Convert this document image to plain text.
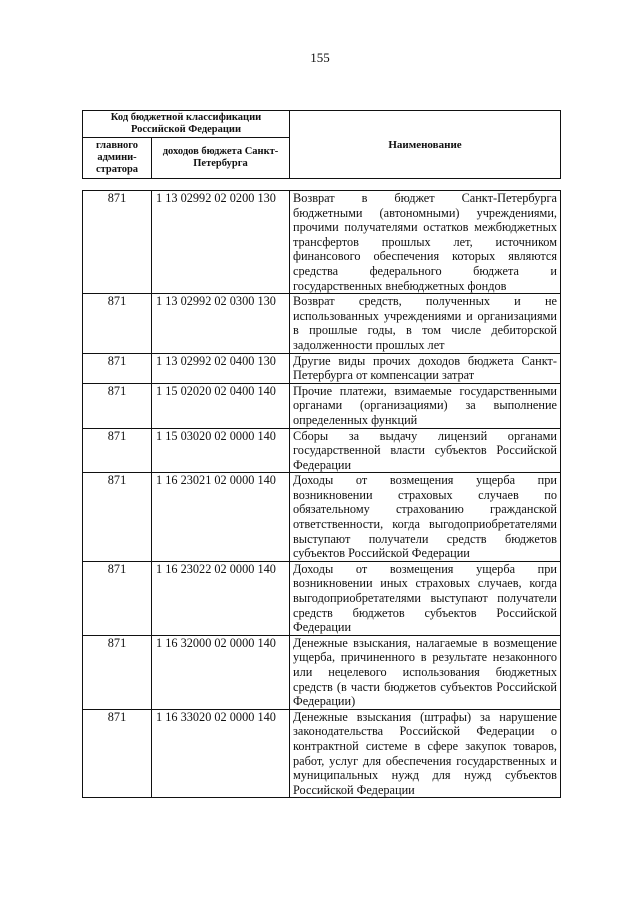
155
Код бюджетной классификации Российской Федерации		Наименование
главного админи-стратора	доходов бюджета Санкт-Петербурга	
871	1 13 02992 02 0200 130	Возврат в бюджет Санкт-Петербурга бюджетными (автономными) учреждениями, прочими получателями остатков межбюджетных трансфертов прошлых лет, источником финансового обеспечения которых являются средства федерального бюджета и государственных внебюджетных фондов
871	1 13 02992 02 0300 130	Возврат средств, полученных и не использованных учреждениями и организациями в прошлые годы, в том числе дебиторской задолженности прошлых лет
871	1 13 02992 02 0400 130	Другие виды прочих доходов бюджета Санкт-Петербурга от компенсации затрат
871	1 15 02020 02 0400 140	Прочие платежи, взимаемые государственными органами (организациями) за выполнение определенных функций
871	1 15 03020 02 0000 140	Сборы за выдачу лицензий органами государственной власти субъектов Российской Федерации
871	1 16 23021 02 0000 140	Доходы от возмещения ущерба при возникновении страховых случаев по обязательному страхованию гражданской ответственности, когда выгодоприобретателями выступают получатели средств бюджетов субъектов Российской Федерации
871	1 16 23022 02 0000 140	Доходы от возмещения ущерба при возникновении иных страховых случаев, когда выгодоприобретателями выступают получатели средств бюджетов субъектов Российской Федерации
871	1 16 32000 02 0000 140	Денежные взыскания, налагаемые в возмещение ущерба, причиненного в результате незаконного или нецелевого использования бюджетных средств (в части бюджетов субъектов Российской Федерации)
871	1 16 33020 02 0000 140	Денежные взыскания (штрафы) за нарушение законодательства Российской Федерации о контрактной системе в сфере закупок товаров, работ, услуг для обеспечения государственных и муниципальных нужд для нужд субъектов Российской Федерации
